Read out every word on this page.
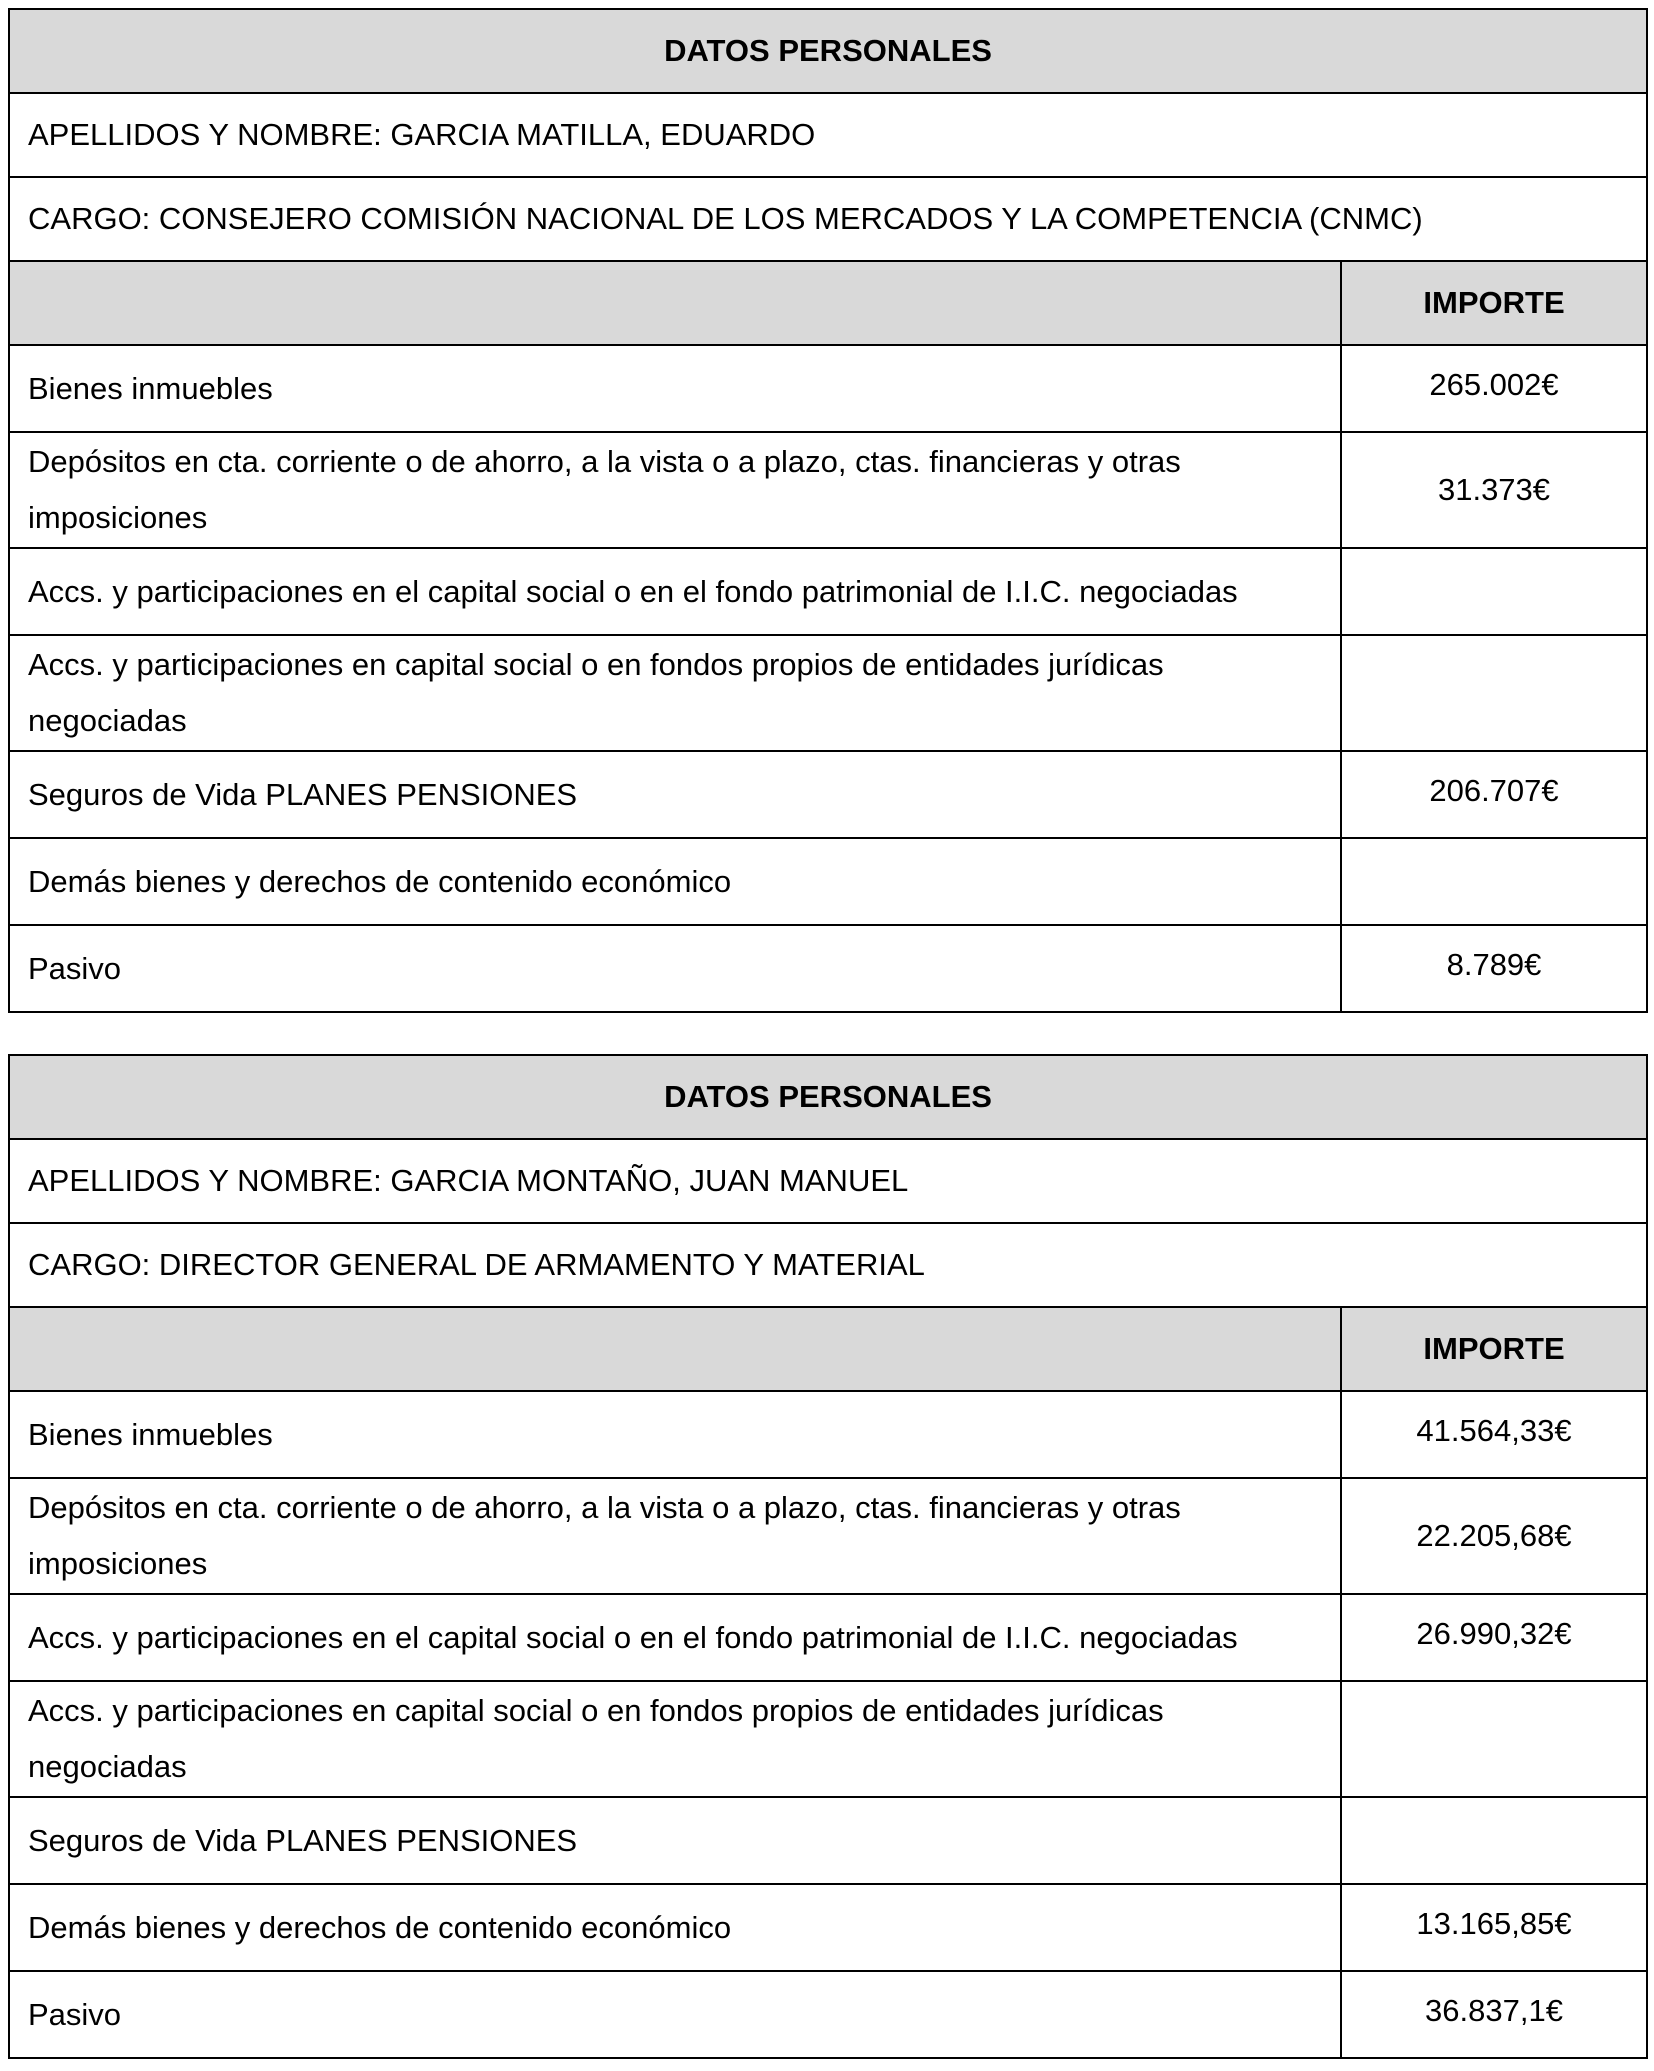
DATOS PERSONALES	
APELLIDOS Y NOMBRE: GARCIA MATILLA, EDUARDO	
CARGO: CONSEJERO COMISIÓN NACIONAL DE LOS MERCADOS Y LA COMPETENCIA (CNMC)	
	IMPORTE
Bienes inmuebles	265.002€
Depósitos en cta. corriente o de ahorro, a la vista o a plazo, ctas. financieras y otras imposiciones	31.373€
Accs. y participaciones en el capital social o en el fondo patrimonial de I.I.C. negociadas	
Accs. y participaciones en capital social o en fondos propios de entidades jurídicas negociadas	
Seguros de Vida PLANES PENSIONES	206.707€
Demás bienes y derechos de contenido económico	
Pasivo	8.789€
DATOS PERSONALES	
APELLIDOS Y NOMBRE: GARCIA MONTAÑO, JUAN MANUEL	
CARGO: DIRECTOR GENERAL DE ARMAMENTO Y MATERIAL	
	IMPORTE
Bienes inmuebles	41.564,33€
Depósitos en cta. corriente o de ahorro, a la vista o a plazo, ctas. financieras y otras imposiciones	22.205,68€
Accs. y participaciones en el capital social o en el fondo patrimonial de I.I.C. negociadas	26.990,32€
Accs. y participaciones en capital social o en fondos propios de entidades jurídicas negociadas	
Seguros de Vida PLANES PENSIONES	
Demás bienes y derechos de contenido económico	13.165,85€
Pasivo	36.837,1€
